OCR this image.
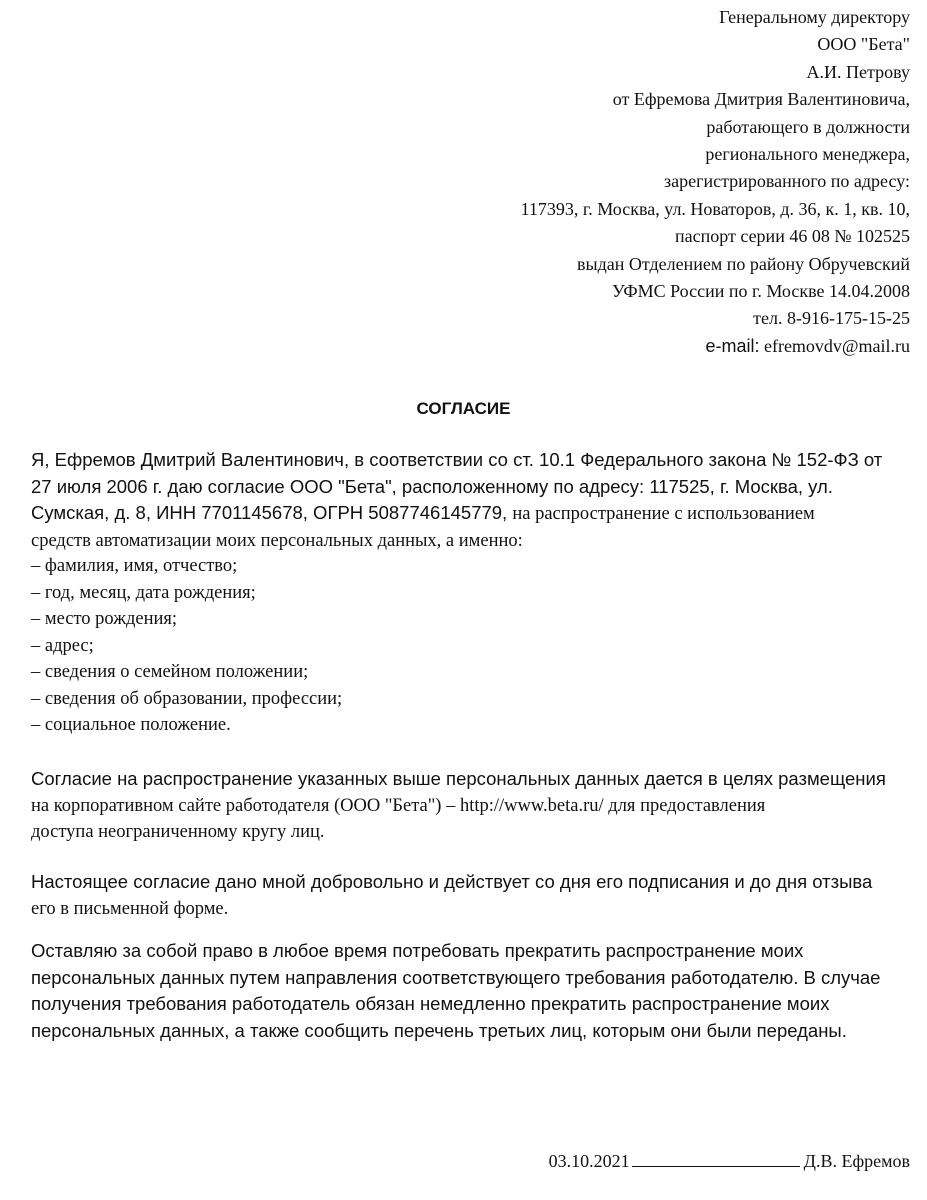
Генеральному директору
ООО "Бета"
А.И. Петрову
от Ефремова Дмитрия Валентиновича,
работающего в должности
регионального менеджера,
зарегистрированного по адресу:
117393, г. Москва, ул. Новаторов, д. 36, к. 1, кв. 10,
паспорт серии 46 08 № 102525
выдан Отделением по району Обручевский
УФМС России по г. Москве 14.04.2008
тел. 8-916-175-15-25
e-mail: efremovdv@mail.ru
СОГЛАСИЕ
Я, Ефремов Дмитрий Валентинович, в соответствии со ст. 10.1 Федерального закона № 152-ФЗ от
27 июля 2006 г. даю согласие ООО "Бета", расположенному по адресу: 117525, г. Москва, ул.
Сумская, д. 8, ИНН 7701145678, ОГРН 5087746145779, на распространение с использованием
средств автоматизации моих персональных данных, а именно:
– фамилия, имя, отчество;
– год, месяц, дата рождения;
– место рождения;
– адрес;
– сведения о семейном положении;
– сведения об образовании, профессии;
– социальное положение.
Согласие на распространение указанных выше персональных данных дается в целях размещения
на корпоративном сайте работодателя (ООО "Бета") – http://www.beta.ru/ для предоставления
доступа неограниченному кругу лиц.
Настоящее согласие дано мной добровольно и действует со дня его подписания и до дня отзыва
его в письменной форме.
Оставляю за собой право в любое время потребовать прекратить распространение моих
персональных данных путем направления соответствующего требования работодателю. В случае
получения требования работодатель обязан немедленно прекратить распространение моих
персональных данных, а также сообщить перечень третьих лиц, которым они были переданы.
03.10.2021	Д.В. Ефремов
